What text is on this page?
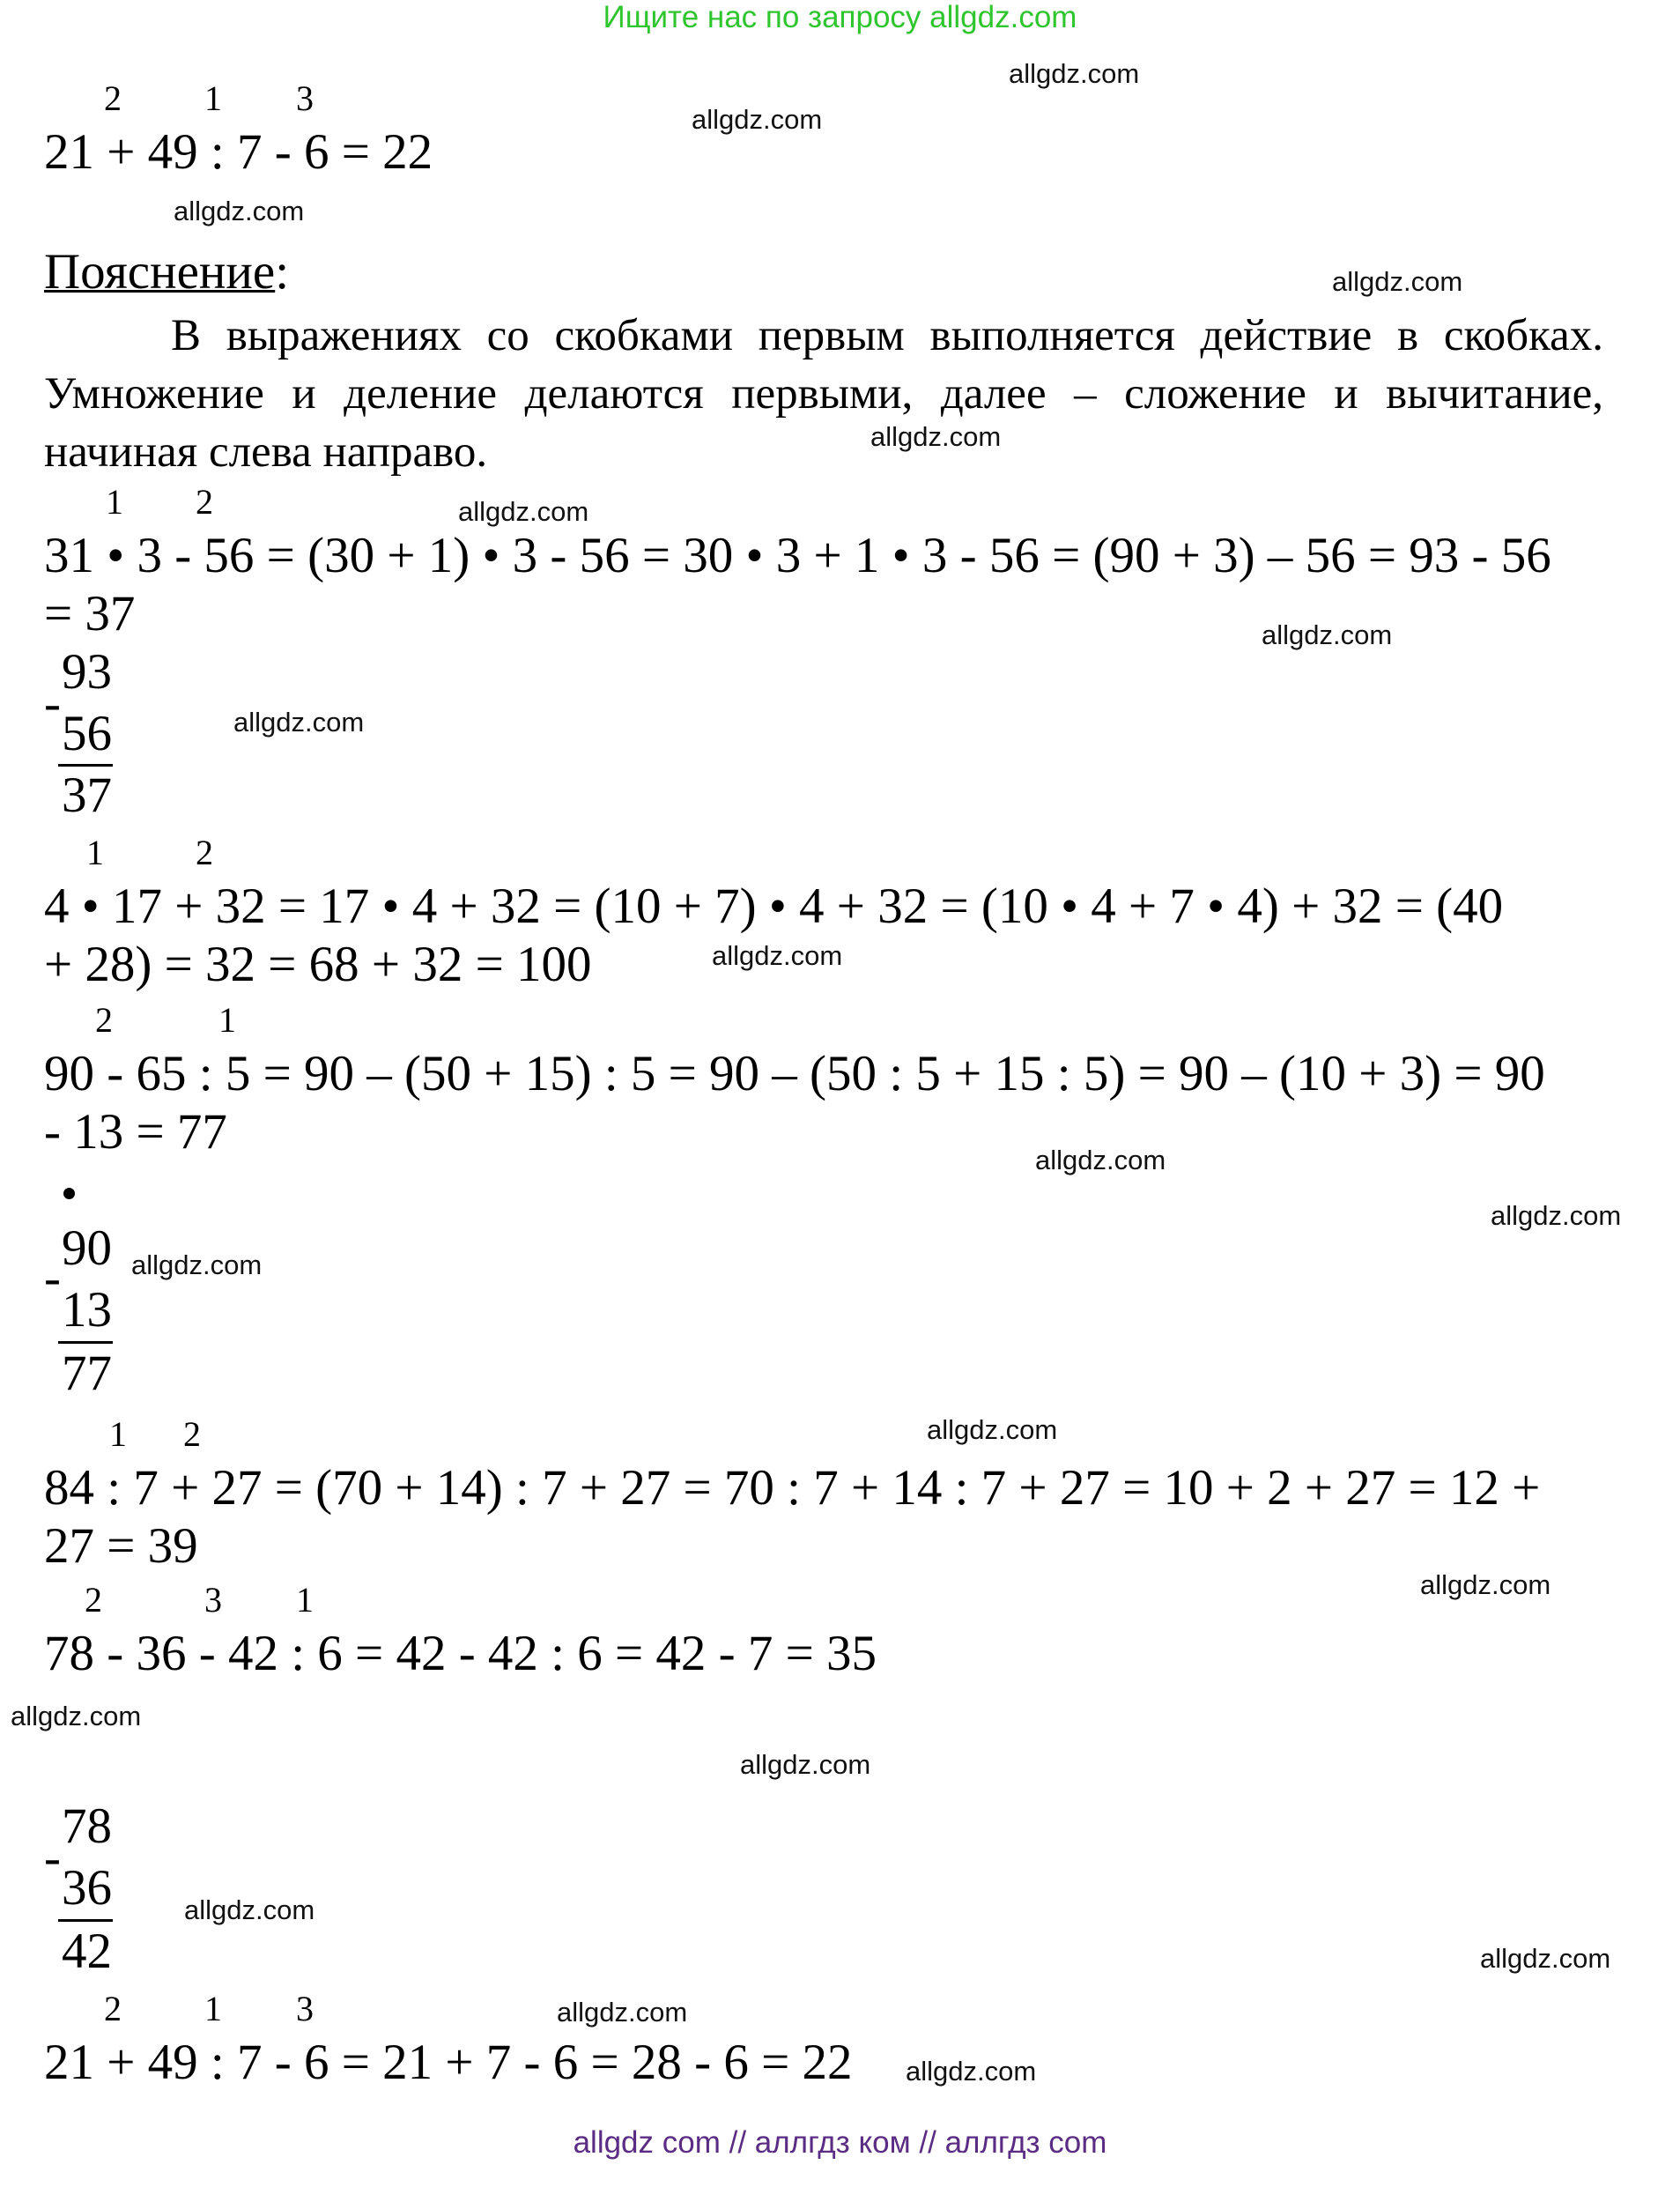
Ищите нас по запросу allgdz.com
allgdz.com
allgdz.com
allgdz.com
allgdz.com
allgdz.com
allgdz.com
allgdz.com
allgdz.com
allgdz.com
allgdz.com
allgdz.com
allgdz.com
allgdz.com
allgdz.com
allgdz.com
allgdz.com
allgdz.com
allgdz.com
allgdz.com
allgdz.com
2 1 3
21 + 49 : 7 - 6 = 22
Пояснение:
В выражениях со скобками первым выполняется действие в скобках. Умножение и деление делаются первыми, далее – сложение и вычитание, начиная слева направо.
1 2
31 • 3 - 56 = (30 + 1) • 3 - 56 = 30 • 3 + 1 • 3 - 56 = (90 + 3) – 56 = 93 - 56
= 37
93
-
56
37
1	2
4 • 17 + 32 = 17 • 4 + 32 = (10 + 7) • 4 + 32 = (10 • 4 + 7 • 4) + 32 = (40
+ 28) = 32 = 68 + 32 = 100
2	1
90 - 65 : 5 = 90 – (50 + 15) : 5 = 90 – (50 : 5 + 15 : 5) = 90 – (10 + 3) = 90
- 13 = 77
90
-
13
77
1 2
84 : 7 + 27 = (70 + 14) : 7 + 27 = 70 : 7 + 14 : 7 + 27 = 10 + 2 + 27 = 12 +
27 = 39
2	3 1
78 - 36 - 42 : 6 = 42 - 42 : 6 = 42 - 7 = 35
78
-
36
42
2 1 3
21 + 49 : 7 - 6 = 21 + 7 - 6 = 28 - 6 = 22
allgdz com // аллгдз ком // аллгдз com
